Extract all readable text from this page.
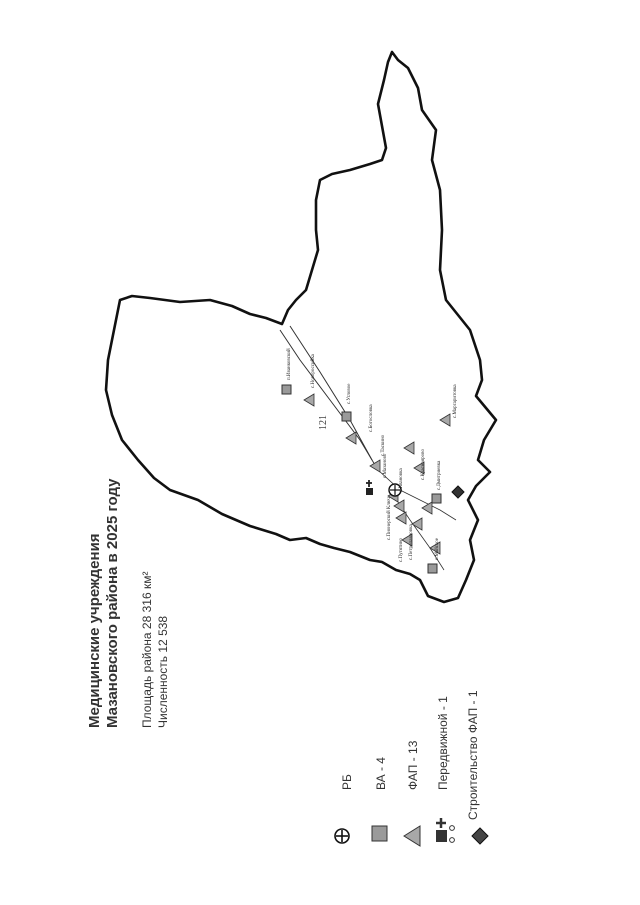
121
Медицинские учреждения Мазановского района в 2025 году Площадь района 28 316 км² Численность 12 538
РБ ВА - 4 ФАП - 13 Передвижной - 1 Строительство ФАП - 1
п.Иванковский	с.Новороссийка
с.Угловое
с.Богословка
с.Таскино
с.Мазаново
с.Ивановка
с.Пионерский Ключ
с.Путятино с.Петропавловка
с.Маргаритовка
с.Дмитриевка
с.Красноярово
с.Майское
